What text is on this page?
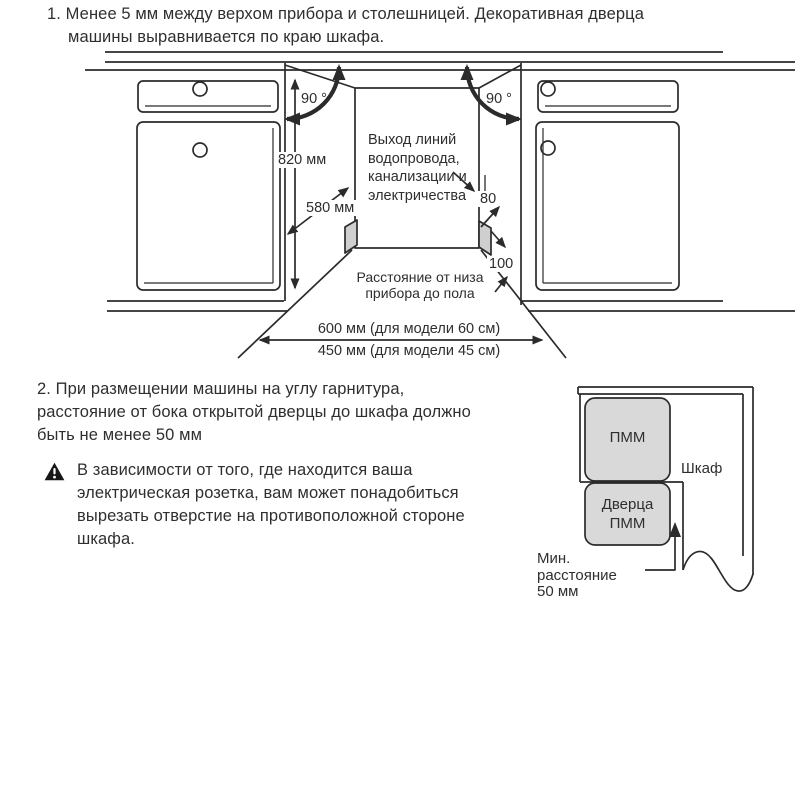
1. Менее 5 мм между верхом прибора и столешницей. Декоративная дверца
машины выравнивается по краю шкафа.
90 °	90 °
820 мм
580 мм
Выход линий
водопровода,
канализации и
электричества 80
100
Расстояние от низа
прибора до пола
600 мм (для модели 60 см)
450 мм (для модели 45 см)
2. При размещении машины на углу гарнитура,
расстояние от бока открытой дверцы до шкафа должно
быть не менее 50 мм
В зависимости от того, где находится ваша
электрическая розетка, вам может понадобиться
вырезать отверстие на противоположной стороне
шкафа.
ПММ
Шкаф
Дверца
ПММ
Мин.
расстояние
50 мм
